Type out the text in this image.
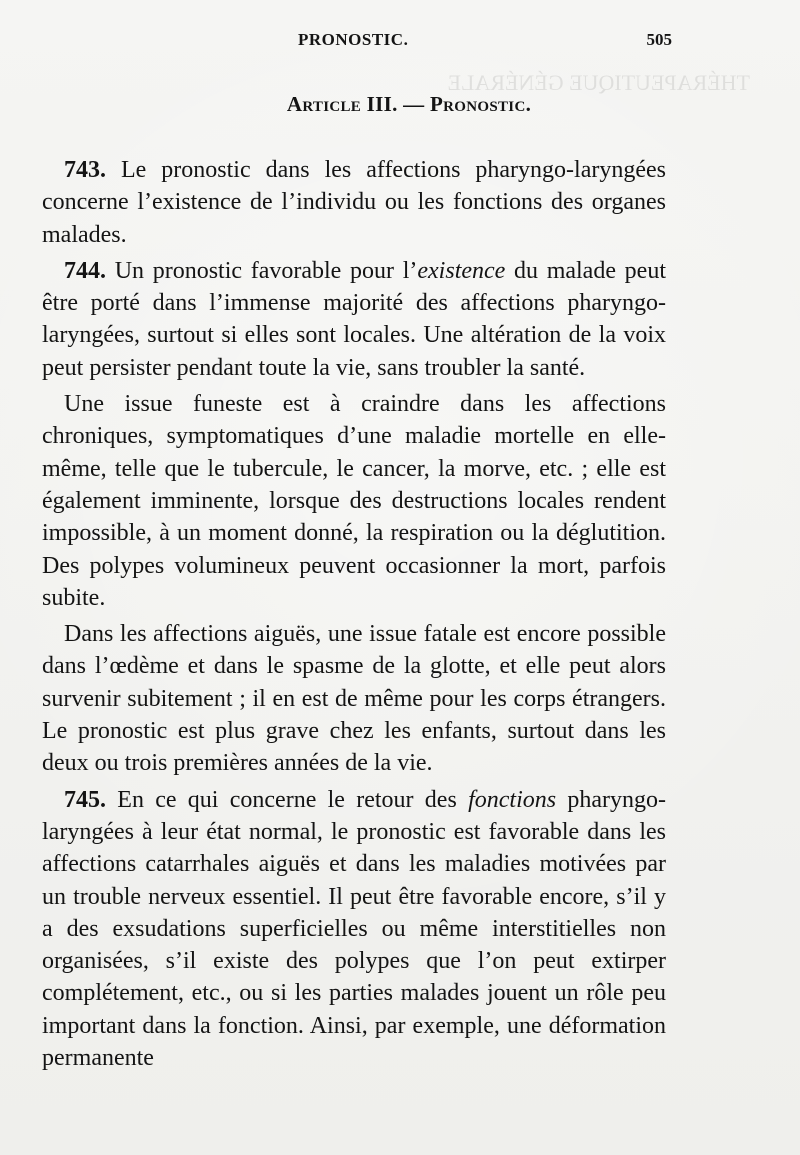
THÉRAPEUTIQUE GÉNÉRALE

PRONOSTIC.	505
Article III. — Pronostic.

743. Le pronostic dans les affections pharyngo-laryngées concerne l’existence de l’individu ou les fonctions des organes malades.

744. Un pronostic favorable pour l’existence du malade peut être porté dans l’immense majorité des affections pharyngo-laryngées, surtout si elles sont locales. Une altération de la voix peut persister pendant toute la vie, sans troubler la santé.

Une issue funeste est à craindre dans les affections chroniques, symptomatiques d’une maladie mortelle en elle-même, telle que le tubercule, le cancer, la morve, etc. ; elle est également imminente, lorsque des destructions locales rendent impossible, à un moment donné, la respiration ou la déglutition. Des polypes volumineux peuvent occasionner la mort, parfois subite.

Dans les affections aiguës, une issue fatale est encore possible dans l’œdème et dans le spasme de la glotte, et elle peut alors survenir subitement ; il en est de même pour les corps étrangers. Le pronostic est plus grave chez les enfants, surtout dans les deux ou trois premières années de la vie.

745. En ce qui concerne le retour des fonctions pharyngo-laryngées à leur état normal, le pronostic est favorable dans les affections catarrhales aiguës et dans les maladies motivées par un trouble nerveux essentiel. Il peut être favorable encore, s’il y a des exsudations superficielles ou même interstitielles non organisées, s’il existe des polypes que l’on peut extirper complétement, etc., ou si les parties malades jouent un rôle peu important dans la fonction. Ainsi, par exemple, une déformation permanente
